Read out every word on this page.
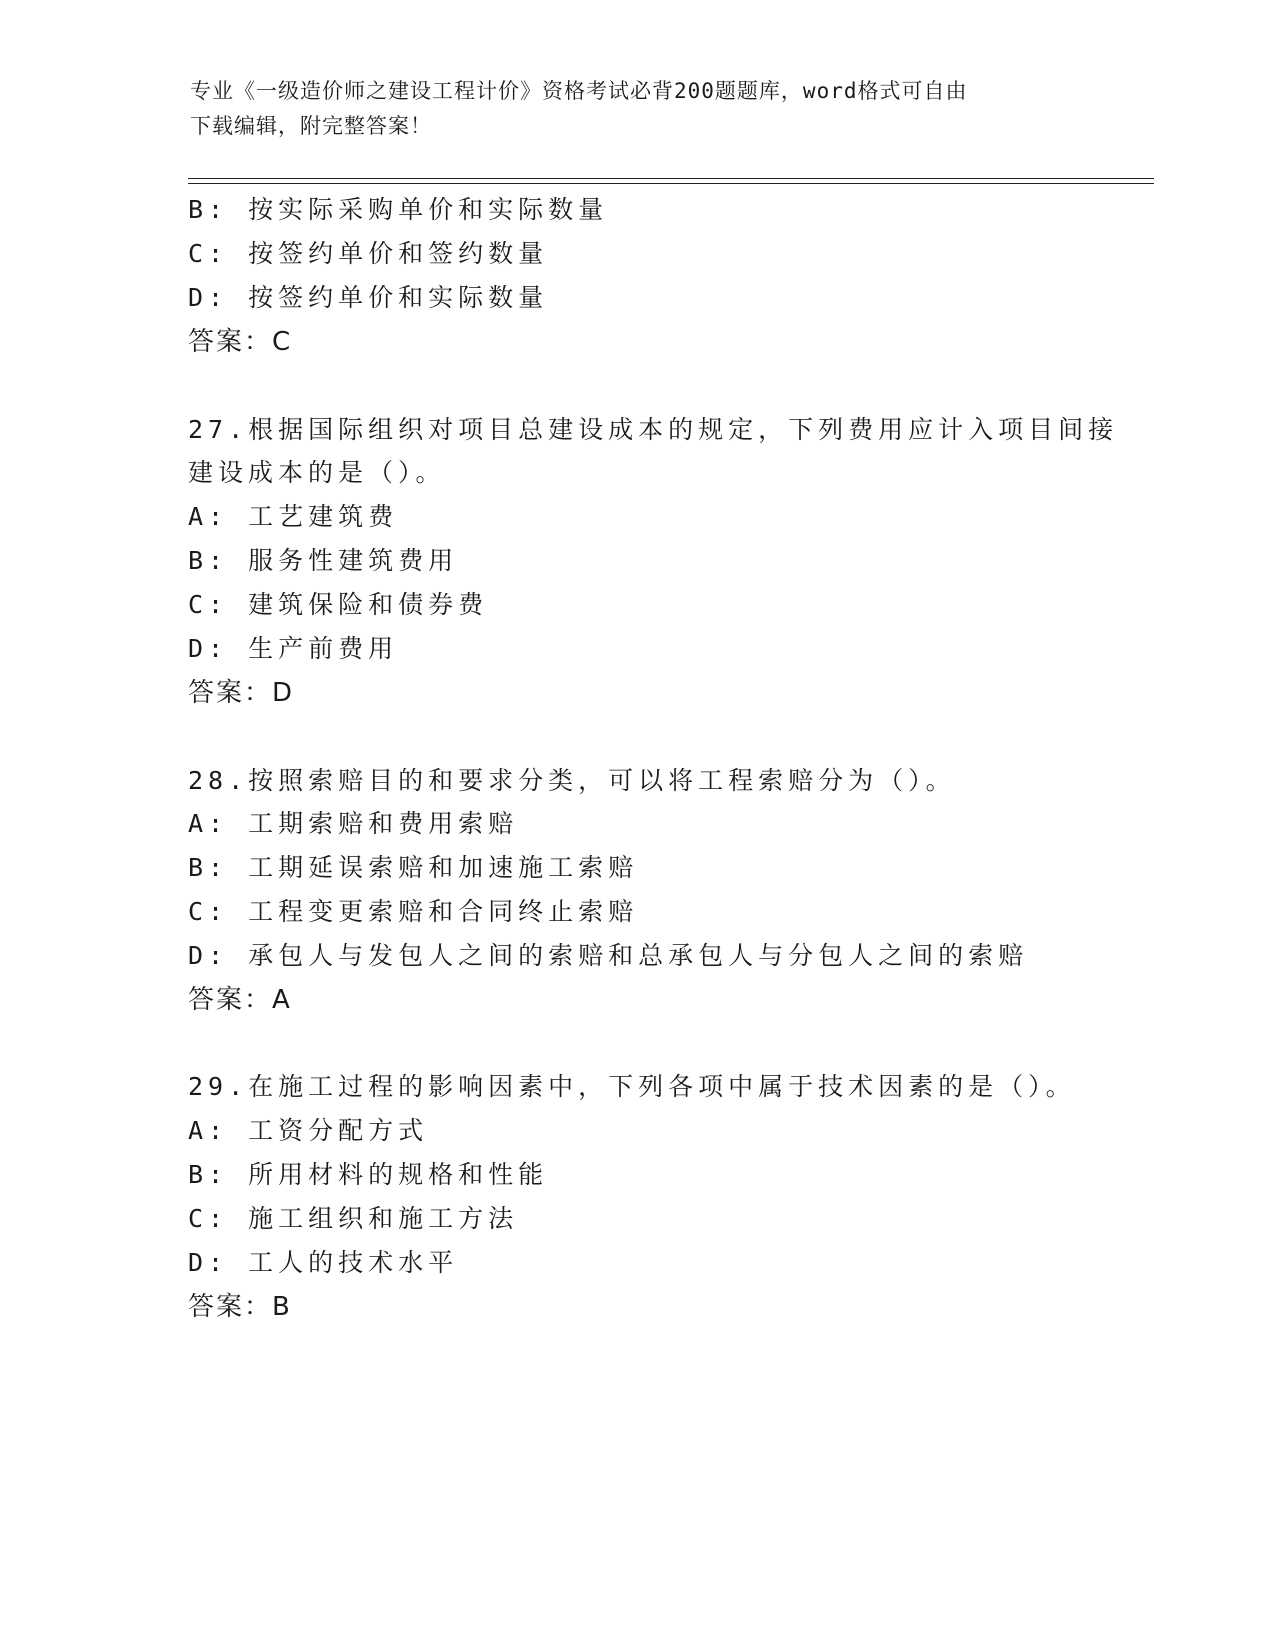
专业《一级造价师之建设工程计价》资格考试必背200题题库，word格式可自由
下载编辑，附完整答案！
B: 按实际采购单价和实际数量
C: 按签约单价和签约数量
D: 按签约单价和实际数量
答案：C
27.根据国际组织对项目总建设成本的规定，下列费用应计入项目间接
建设成本的是（）。
A: 工艺建筑费
B: 服务性建筑费用
C: 建筑保险和债券费
D: 生产前费用
答案：D
28.按照索赔目的和要求分类，可以将工程索赔分为（）。
A: 工期索赔和费用索赔
B: 工期延误索赔和加速施工索赔
C: 工程变更索赔和合同终止索赔
D: 承包人与发包人之间的索赔和总承包人与分包人之间的索赔
答案：A
29.在施工过程的影响因素中，下列各项中属于技术因素的是（）。
A: 工资分配方式
B: 所用材料的规格和性能
C: 施工组织和施工方法
D: 工人的技术水平
答案：B
